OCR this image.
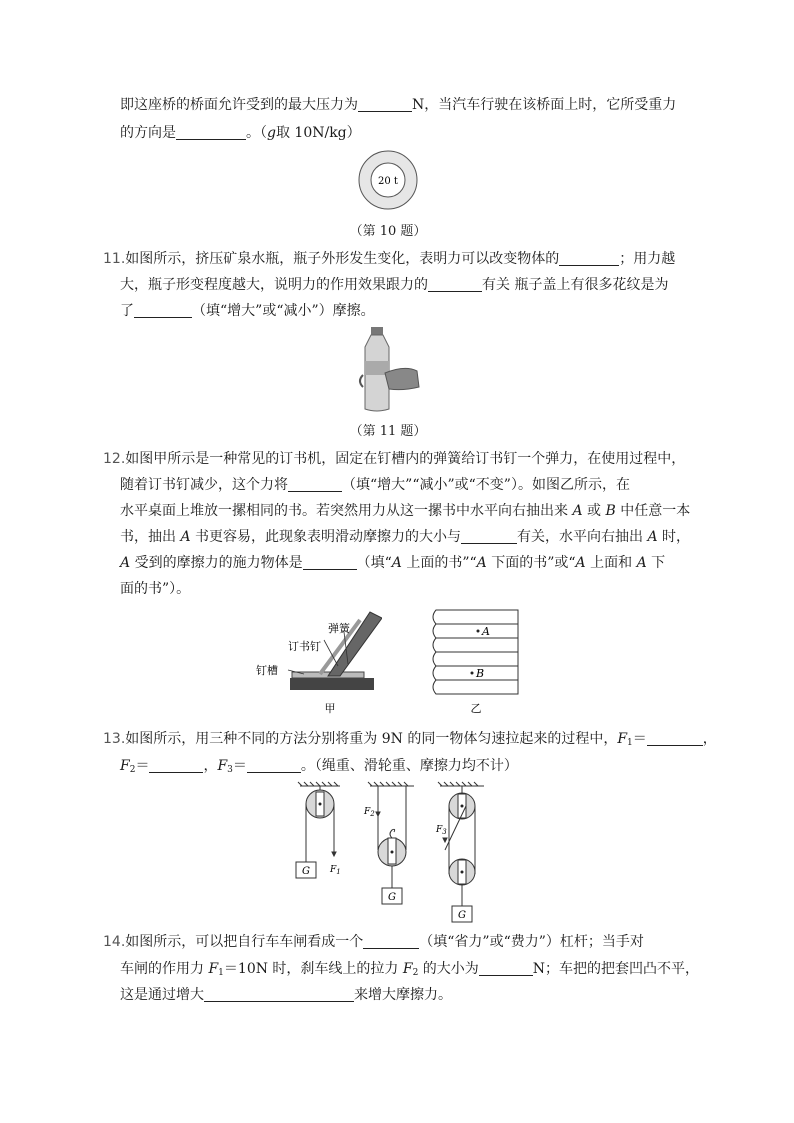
即这座桥的桥面允许受到的最大压力为	N，当汽车行驶在该桥面上时，它所受重力
的方向是	。（g取 10N/kg）
20 t
（第 10 题）
11.如图所示，挤压矿泉水瓶，瓶子外形发生变化，表明力可以改变物体的	；用力越
大，瓶子形变程度越大，说明力的作用效果跟力的	有关 瓶子盖上有很多花纹是为
了	（填“增大”或“减小”）摩擦。
（第 11 题）
12.如图甲所示是一种常见的订书机，固定在钉槽内的弹簧给订书钉一个弹力，在使用过程中，
随着订书钉减少，这个力将	（填“增大”“减小”或“不变”）。如图乙所示，在
水平桌面上堆放一摞相同的书。若突然用力从这一摞书中水平向右抽出来 A 或 B 中任意一本
书，抽出 A 书更容易，此现象表明滑动摩擦力的大小与	有关，水平向右抽出 A 时，
A 受到的摩擦力的施力物体是	（填“A 上面的书”“A 下面的书”或“A 上面和 A 下
面的书”）。
订书钉
弹簧
钉槽
甲
A
B
乙
13.如图所示，用三种不同的方法分别将重为 9N 的同一物体匀速拉起来的过程中，$F_1=$	，
$F_2=$	，$F_3=$	。（绳重、滑轮重、摩擦力均不计）
G
G
G
$F_1$
$F_2$
$F_3$
14.如图所示，可以把自行车车闸看成一个	（填“省力”或“费力”）杠杆；当手对
车闸的作用力 $F_1=10N$ 时，刹车线上的拉力 $F_2$ 的大小为	N；车把的把套凹凸不平，
这是通过增大	来增大摩擦力。
